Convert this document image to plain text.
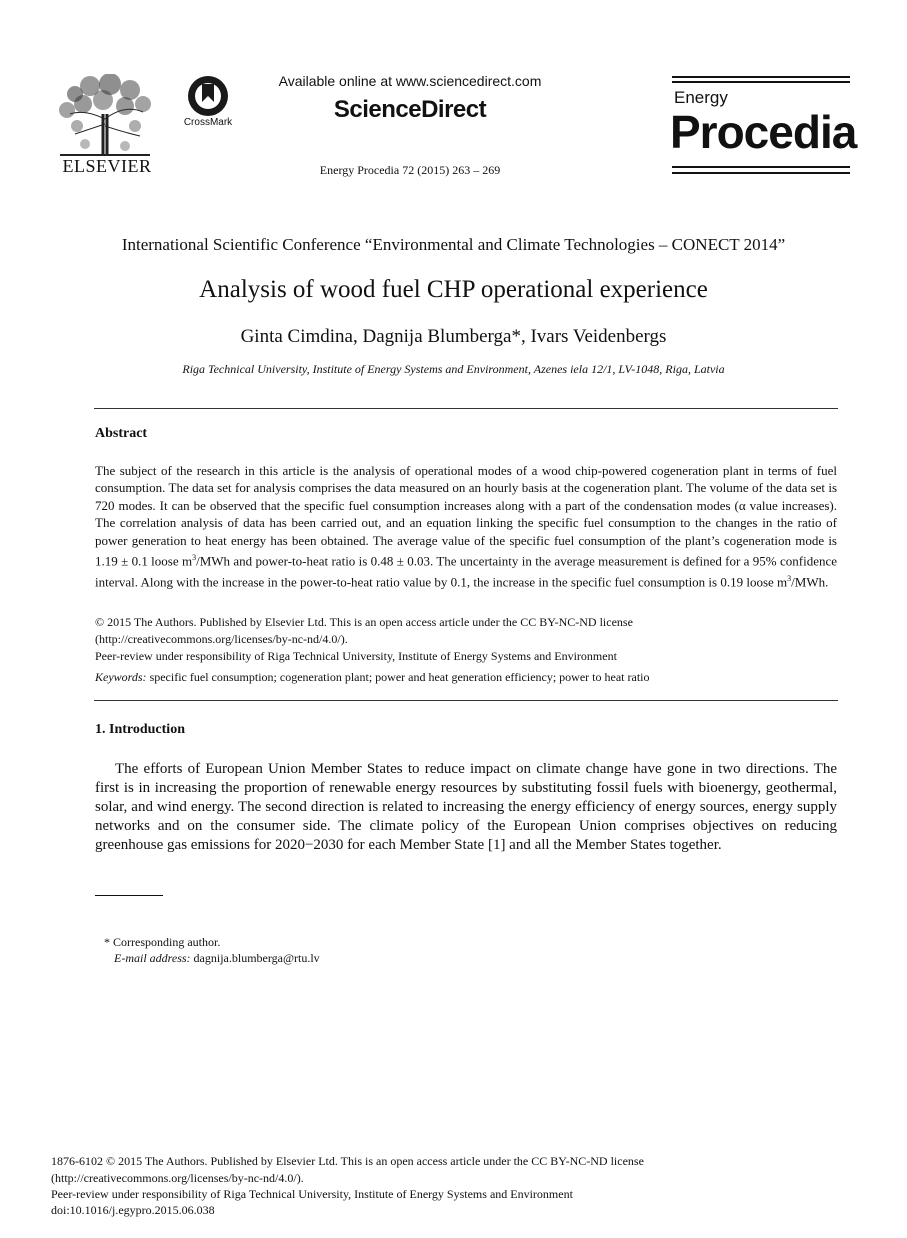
ELSEVIER
CrossMark
Available online at www.sciencedirect.com
ScienceDirect
Energy Procedia 72 (2015) 263 – 269
Energy
Procedia
International Scientific Conference “Environmental and Climate Technologies – CONECT 2014”
Analysis of wood fuel CHP operational experience
Ginta Cimdina, Dagnija Blumberga*, Ivars Veidenbergs
Riga Technical University, Institute of Energy Systems and Environment, Azenes iela 12/1, LV-1048, Riga, Latvia
Abstract
The subject of the research in this article is the analysis of operational modes of a wood chip-powered cogeneration plant in terms of fuel consumption. The data set for analysis comprises the data measured on an hourly basis at the cogeneration plant. The volume of the data set is 720 modes. It can be observed that the specific fuel consumption increases along with a part of the condensation modes (α value increases). The correlation analysis of data has been carried out, and an equation linking the specific fuel consumption to the changes in the ratio of power generation to heat energy has been obtained. The average value of the specific fuel consumption of the plant’s cogeneration mode is 1.19 ± 0.1 loose $m^3$/MWh and power-to-heat ratio is 0.48 ± 0.03. The uncertainty in the average measurement is defined for a 95% confidence interval. Along with the increase in the power-to-heat ratio value by 0.1, the increase in the specific fuel consumption is 0.19 loose $m^3$/MWh.
© 2015 The Authors. Published by Elsevier Ltd. This is an open access article under the CC BY-NC-ND license
(http://creativecommons.org/licenses/by-nc-nd/4.0/).
Peer-review under responsibility of Riga Technical University, Institute of Energy Systems and Environment
Keywords: specific fuel consumption; cogeneration plant; power and heat generation efficiency; power to heat ratio
1. Introduction
The efforts of European Union Member States to reduce impact on climate change have gone in two directions. The first is in increasing the proportion of renewable energy resources by substituting fossil fuels with bioenergy, geothermal, solar, and wind energy. The second direction is related to increasing the energy efficiency of energy sources, energy supply networks and on the consumer side. The climate policy of the European Union comprises objectives on reducing greenhouse gas emissions for 2020−2030 for each Member State [1] and all the Member States together.
* Corresponding author.
E-mail address: dagnija.blumberga@rtu.lv
1876-6102 © 2015 The Authors. Published by Elsevier Ltd. This is an open access article under the CC BY-NC-ND license
(http://creativecommons.org/licenses/by-nc-nd/4.0/).
Peer-review under responsibility of Riga Technical University, Institute of Energy Systems and Environment
doi:10.1016/j.egypro.2015.06.038
